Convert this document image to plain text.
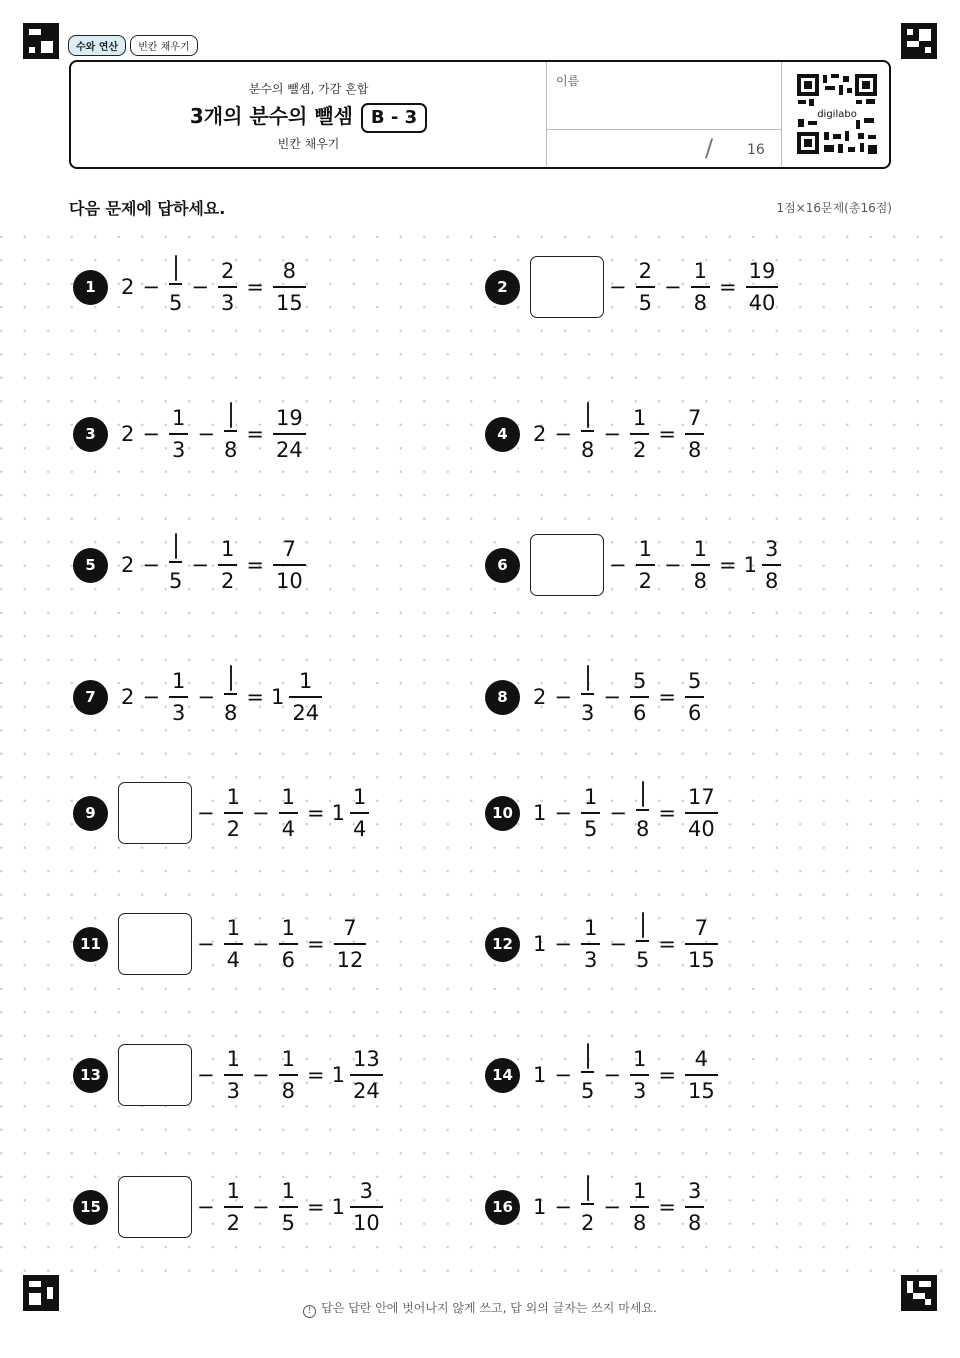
수와 연산	빈칸 채우기
분수의 뺄셈, 가감 혼합
3개의 분수의 뺄셈 B - 3
빈칸 채우기
이름
/ 16
digilabo
다음 문제에 답하세요.	1점×16문제(총16점)
1	2 −
5
− $\frac{2}{3} = \frac{8}{15}$	2	− $\frac{2}{5} - \frac{1}{8} = \frac{19}{40}$
3	$2 - \frac{1}{3}$ −
8
= $\frac{19}{24}$	4	2 −
8
− $\frac{1}{2} = \frac{7}{8}$
5	2 −
5
− $\frac{1}{2} = \frac{7}{10}$	6	− $\frac{1}{2} - \frac{1}{8} = 1 \frac{3}{8}$
7	$2 - \frac{1}{3}$ −
8
= $1 \frac{1}{24}$	8	2 −
3
− $\frac{5}{6} = \frac{5}{6}$
9	− $\frac{1}{2} - \frac{1}{4} = 1 \frac{1}{4}$	10 $1 - \frac{1}{5}$ −
8
= $\frac{17}{40}$
11	− $\frac{1}{4} - \frac{1}{6} = \frac{7}{12}$	12 $1 - \frac{1}{3}$ −
5
= $\frac{7}{15}$
13	− $\frac{1}{3} - \frac{1}{8} = 1 \frac{13}{24}$	14 1 −
5
− $\frac{1}{3} = \frac{4}{15}$
15	− $\frac{1}{2} - \frac{1}{5} = 1 \frac{3}{10}$	16 1 −
2
− $\frac{1}{8} = \frac{3}{8}$
! 답은 답란 안에 벗어나지 않게 쓰고, 답 외의 글자는 쓰지 마세요.
